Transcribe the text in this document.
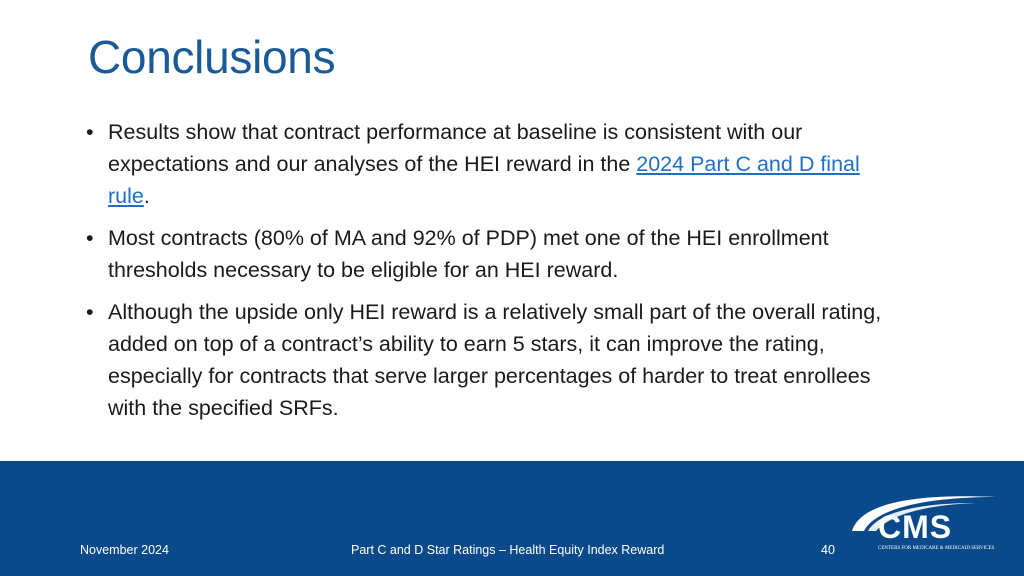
Conclusions
• Results show that contract performance at baseline is consistent with our expectations and our analyses of the HEI reward in the 2024 Part C and D final rule.
• Most contracts (80% of MA and 92% of PDP) met one of the HEI enrollment thresholds necessary to be eligible for an HEI reward.
• Although the upside only HEI reward is a relatively small part of the overall rating, added on top of a contract’s ability to earn 5 stars, it can improve the rating, especially for contracts that serve larger percentages of harder to treat enrollees with the specified SRFs.
November 2024	Part C and D Star Ratings – Health Equity Index Reward	40
CMS
CENTERS FOR MEDICARE & MEDICAID SERVICES
